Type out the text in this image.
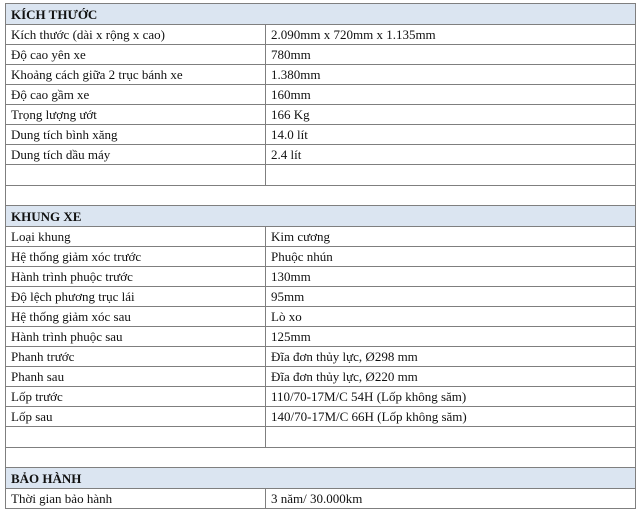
KÍCH THƯỚC	
Kích thước (dài x rộng x cao)	2.090mm x 720mm x 1.135mm
Độ cao yên xe	780mm
Khoảng cách giữa 2 trục bánh xe	1.380mm
Độ cao gầm xe	160mm
Trọng lượng ướt	166 Kg
Dung tích bình xăng	14.0 lít
Dung tích dầu máy	2.4 lít

KHUNG XE	
Loại khung	Kim cương
Hệ thống giảm xóc trước	Phuộc nhún
Hành trình phuộc trước	130mm
Độ lệch phương trục lái	95mm
Hệ thống giảm xóc sau	Lò xo
Hành trình phuộc sau	125mm
Phanh trước	Đĩa đơn thủy lực, Ø298 mm
Phanh sau	Đĩa đơn thủy lực, Ø220 mm
Lốp trước	110/70-17M/C 54H (Lốp không săm)
Lốp sau	140/70-17M/C 66H (Lốp không săm)

BẢO HÀNH	
Thời gian bảo hành	3 năm/ 30.000km
